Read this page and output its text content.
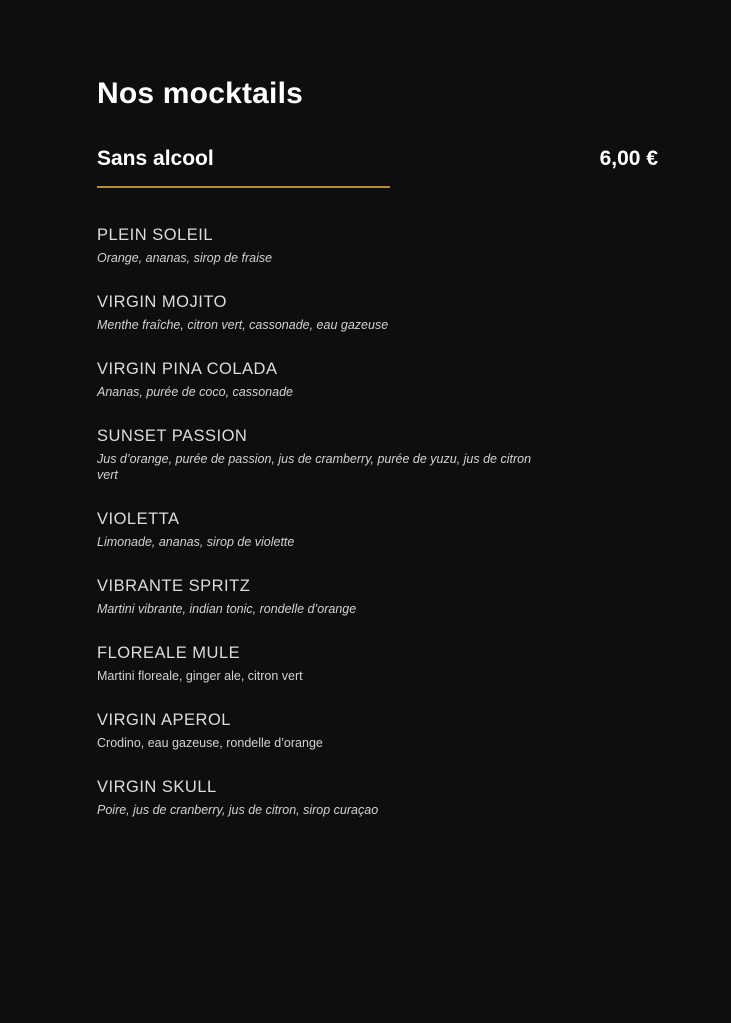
Nos mocktails
Sans alcool	6,00 €
PLEIN SOLEIL
Orange, ananas, sirop de fraise
VIRGIN MOJITO
Menthe fraîche, citron vert, cassonade, eau gazeuse
VIRGIN PINA COLADA
Ananas, purée de coco, cassonade
SUNSET PASSION
Jus d’orange, purée de passion, jus de cramberry, purée de yuzu, jus de citron vert
VIOLETTA
Limonade, ananas, sirop de violette
VIBRANTE SPRITZ
Martini vibrante, indian tonic, rondelle d’orange
FLOREALE MULE
Martini floreale, ginger ale, citron vert
VIRGIN APEROL
Crodino, eau gazeuse, rondelle d’orange
VIRGIN SKULL
Poire, jus de cranberry, jus de citron, sirop curaçao
